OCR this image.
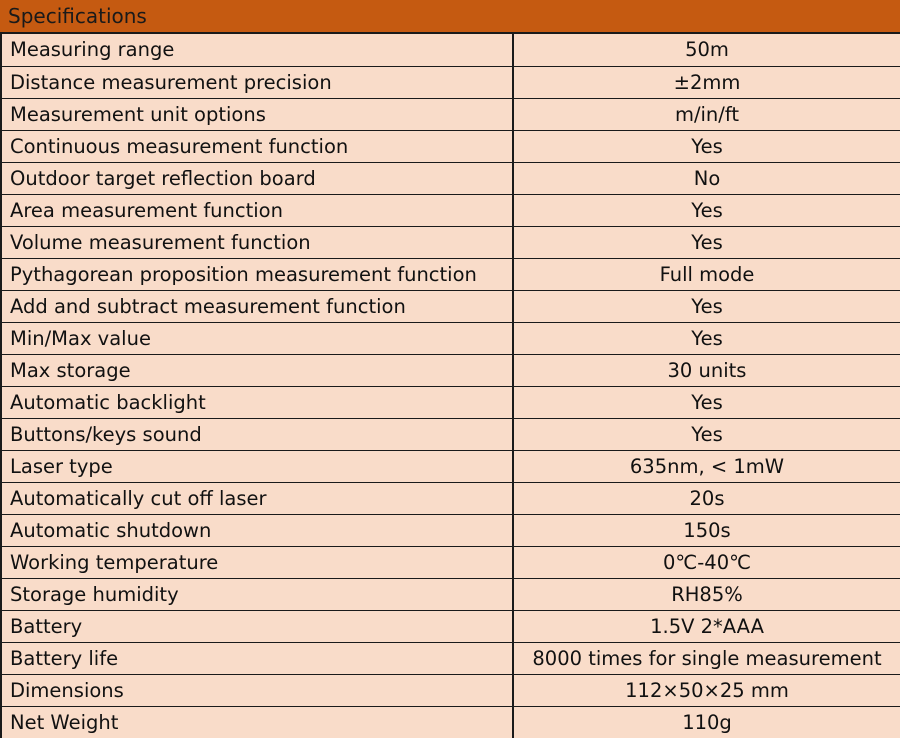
Specifications
Measuring range	50m
Distance measurement precision	±2mm
Measurement unit options	m/in/ft
Continuous measurement function	Yes
Outdoor target reflection board	No
Area measurement function	Yes
Volume measurement function	Yes
Pythagorean proposition measurement function	Full mode
Add and subtract measurement function	Yes
Min/Max value	Yes
Max storage	30 units
Automatic backlight	Yes
Buttons/keys sound	Yes
Laser type	635nm, < 1mW
Automatically cut off laser	20s
Automatic shutdown	150s
Working temperature	0℃-40℃
Storage humidity	RH85%
Battery	1.5V 2*AAA
Battery life	8000 times for single measurement
Dimensions	112×50×25 mm
Net Weight	110g
